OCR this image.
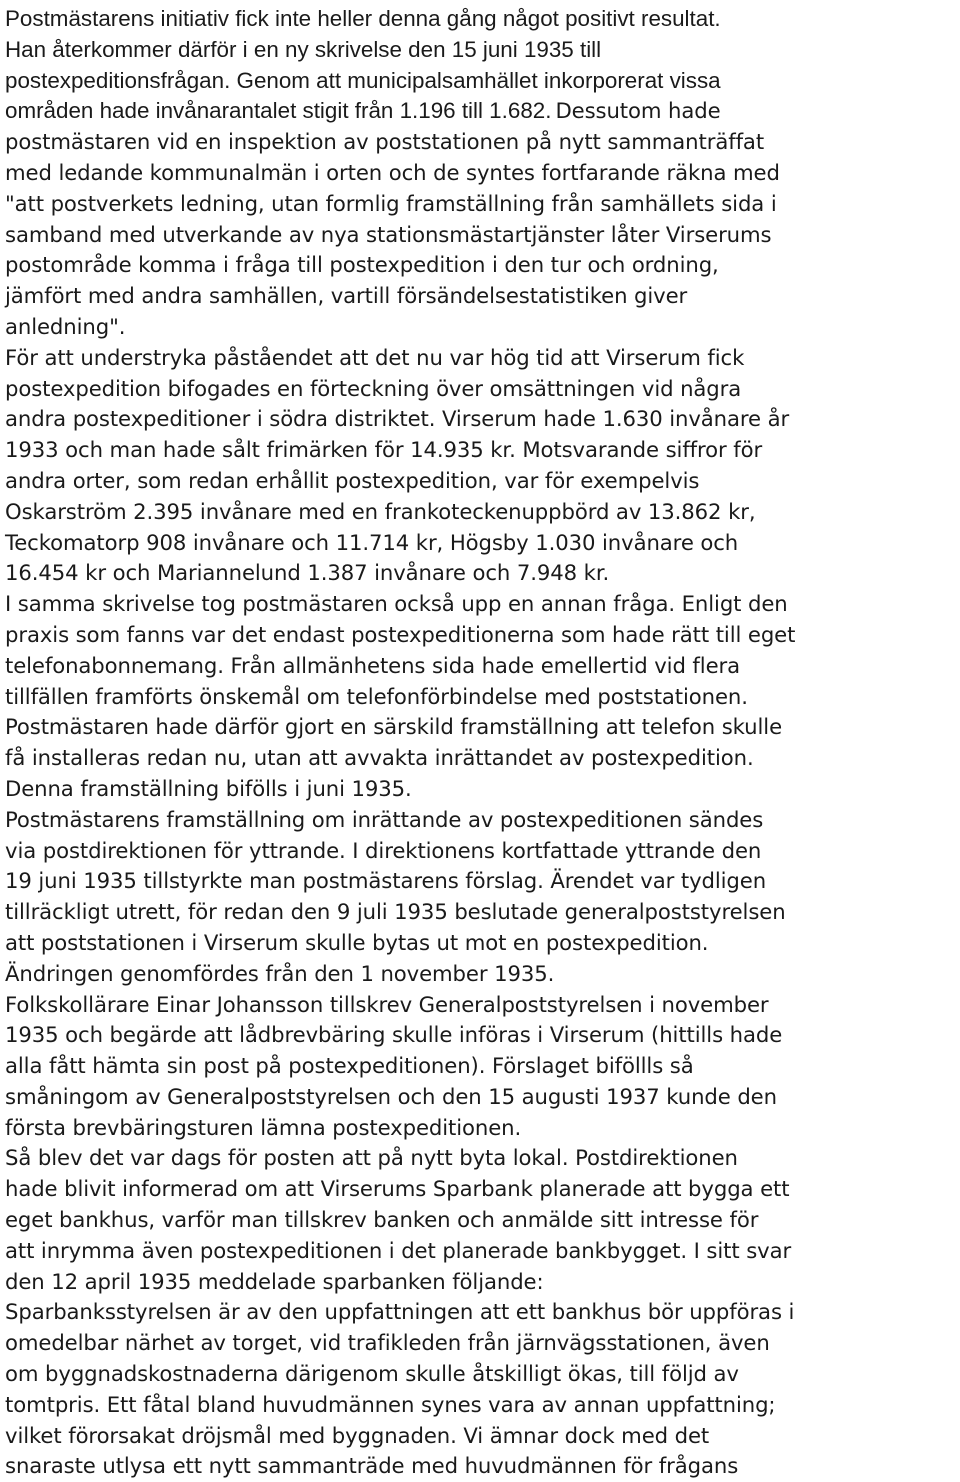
Postmästarens initiativ fick inte heller denna gång något positivt resultat.
Han återkommer därför i en ny skrivelse den 15 juni 1935 till
postexpeditionsfrågan. Genom att municipalsamhället inkorporerat vissa
områden hade invånarantalet stigit från 1.196 till 1.682. Dessutom hade
postmästaren vid en inspektion av poststationen på nytt sammanträffat
med ledande kommunalmän i orten och de syntes fortfarande räkna med
"att postverkets ledning, utan formlig framställning från samhällets sida i
samband med utverkande av nya stationsmästartjänster låter Virserums
postområde komma i fråga till postexpedition i den tur och ordning,
jämfört med andra samhällen, vartill försändelsestatistiken giver
anledning".
För att understryka påståendet att det nu var hög tid att Virserum fick
postexpedition bifogades en förteckning över omsättningen vid några
andra postexpeditioner i södra distriktet. Virserum hade 1.630 invånare år
1933 och man hade sålt frimärken för 14.935 kr. Motsvarande siffror för
andra orter, som redan erhållit postexpedition, var för exempelvis
Oskarström 2.395 invånare med en frankoteckenuppbörd av 13.862 kr,
Teckomatorp 908 invånare och 11.714 kr, Högsby 1.030 invånare och
16.454 kr och Mariannelund 1.387 invånare och 7.948 kr.
I samma skrivelse tog postmästaren också upp en annan fråga. Enligt den
praxis som fanns var det endast postexpeditionerna som hade rätt till eget
telefonabonnemang. Från allmänhetens sida hade emellertid vid flera
tillfällen framförts önskemål om telefonförbindelse med poststationen.
Postmästaren hade därför gjort en särskild framställning att telefon skulle
få installeras redan nu, utan att avvakta inrättandet av postexpedition.
Denna framställning bifölls i juni 1935.
Postmästarens framställning om inrättande av postexpeditionen sändes
via postdirektionen för yttrande. I direktionens kortfattade yttrande den
19 juni 1935 tillstyrkte man postmästarens förslag. Ärendet var tydligen
tillräckligt utrett, för redan den 9 juli 1935 beslutade generalpoststyrelsen
att poststationen i Virserum skulle bytas ut mot en postexpedition.
Ändringen genomfördes från den 1 november 1935.
Folkskollärare Einar Johansson tillskrev Generalpoststyrelsen i november
1935 och begärde att lådbrevbäring skulle införas i Virserum (hittills hade
alla fått hämta sin post på postexpeditionen). Förslaget biföllls så
småningom av Generalpoststyrelsen och den 15 augusti 1937 kunde den
första brevbäringsturen lämna postexpeditionen.
Så blev det var dags för posten att på nytt byta lokal. Postdirektionen
hade blivit informerad om att Virserums Sparbank planerade att bygga ett
eget bankhus, varför man tillskrev banken och anmälde sitt intresse för
att inrymma även postexpeditionen i det planerade bankbygget. I sitt svar
den 12 april 1935 meddelade sparbanken följande:
Sparbanksstyrelsen är av den uppfattningen att ett bankhus bör uppföras i
omedelbar närhet av torget, vid trafikleden från järnvägsstationen, även
om byggnadskostnaderna därigenom skulle åtskilligt ökas, till följd av
tomtpris. Ett fåtal bland huvudmännen synes vara av annan uppfattning;
vilket förorsakat dröjsmål med byggnaden. Vi ämnar dock med det
snaraste utlysa ett nytt sammanträde med huvudmännen för frågans
